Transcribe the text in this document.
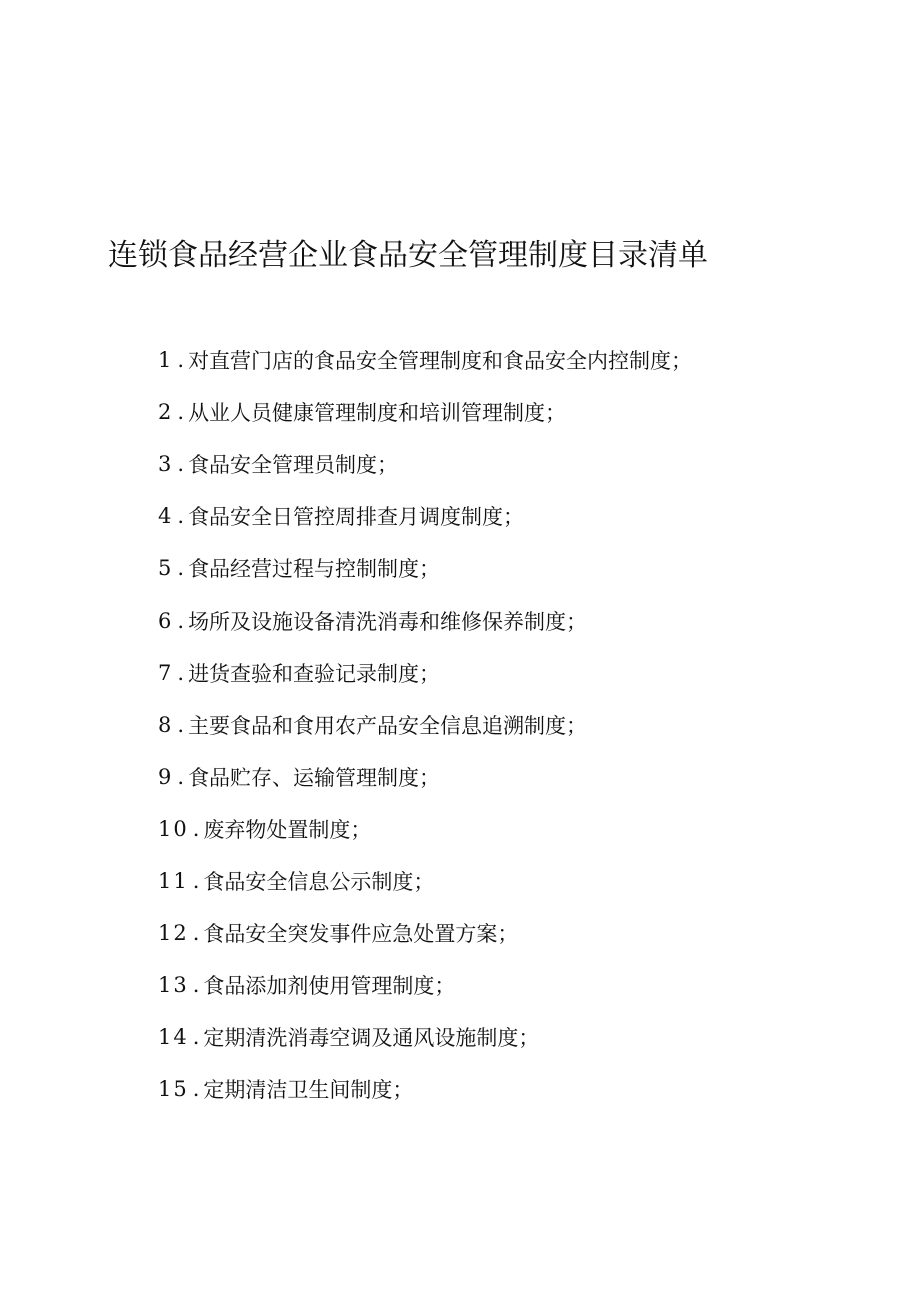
连锁食品经营企业食品安全管理制度目录清单
1 . 对直营门店的食品安全管理制度和食品安全内控制度；
2 . 从业人员健康管理制度和培训管理制度；
3 . 食品安全管理员制度；
4 . 食品安全日管控周排查月调度制度；
5 . 食品经营过程与控制制度；
6 . 场所及设施设备清洗消毒和维修保养制度；
7 . 进货查验和查验记录制度；
8 . 主要食品和食用农产品安全信息追溯制度；
9 . 食品贮存、运输管理制度；
10 . 废弃物处置制度；
11 . 食品安全信息公示制度；
12 . 食品安全突发事件应急处置方案；
13 . 食品添加剂使用管理制度；
14 . 定期清洗消毒空调及通风设施制度；
15 . 定期清洁卫生间制度；
